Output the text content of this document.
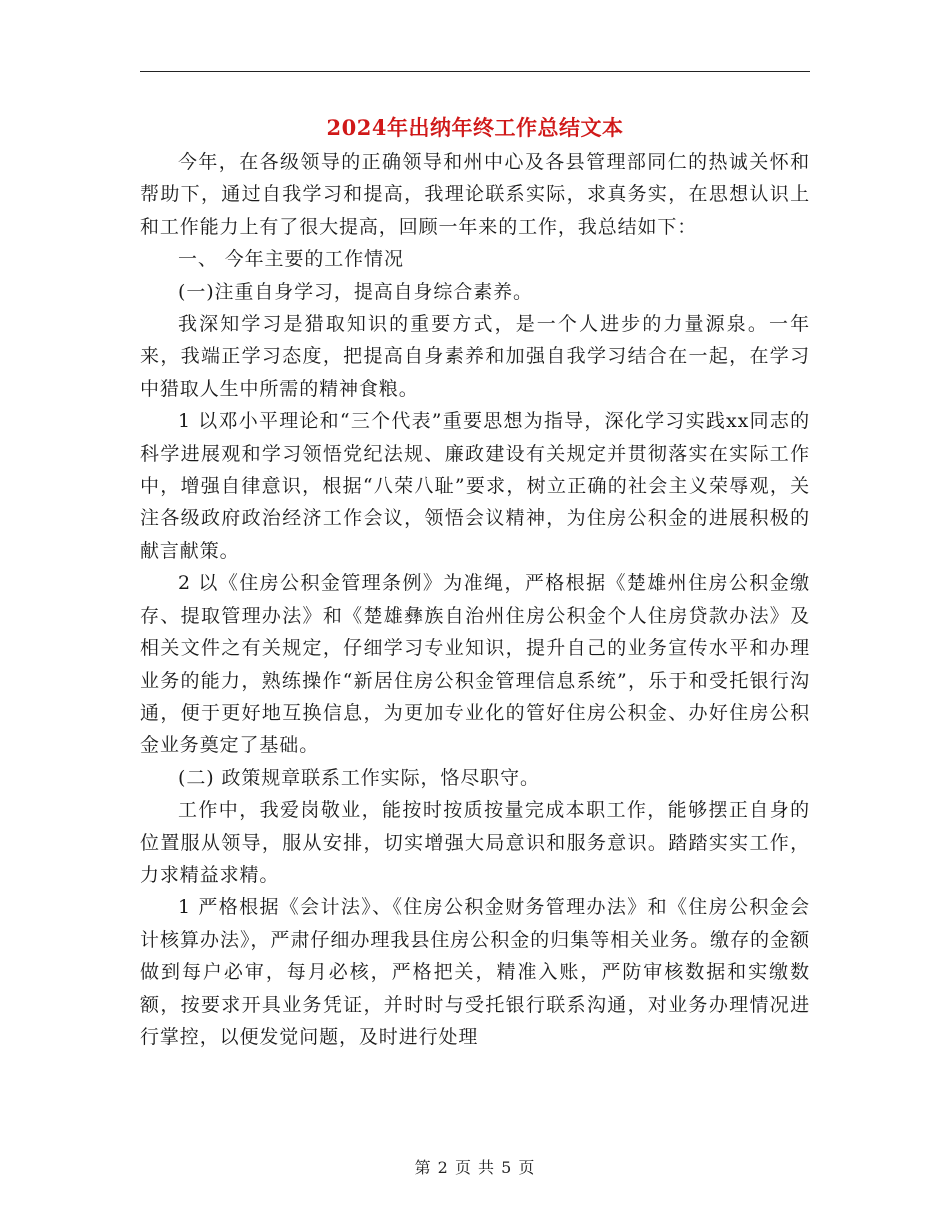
2024年出纳年终工作总结文本

今年，在各级领导的正确领导和州中心及各县管理部同仁的热诚关怀和帮助下，通过自我学习和提高，我理论联系实际，求真务实，在思想认识上和工作能力上有了很大提高，回顾一年来的工作，我总结如下：

一、 今年主要的工作情况

(一)注重自身学习，提高自身综合素养。

我深知学习是猎取知识的重要方式，是一个人进步的力量源泉。一年来，我端正学习态度，把提高自身素养和加强自我学习结合在一起，在学习中猎取人生中所需的精神食粮。

1 以邓小平理论和“三个代表”重要思想为指导，深化学习实践xx同志的科学进展观和学习领悟党纪法规、廉政建设有关规定并贯彻落实在实际工作中，增强自律意识，根据“八荣八耻”要求，树立正确的社会主义荣辱观，关注各级政府政治经济工作会议，领悟会议精神，为住房公积金的进展积极的献言献策。

2 以《住房公积金管理条例》为准绳，严格根据《楚雄州住房公积金缴存、提取管理办法》和《楚雄彝族自治州住房公积金个人住房贷款办法》及相关文件之有关规定，仔细学习专业知识，提升自己的业务宣传水平和办理业务的能力，熟练操作“新居住房公积金管理信息系统”，乐于和受托银行沟通，便于更好地互换信息，为更加专业化的管好住房公积金、办好住房公积金业务奠定了基础。

(二) 政策规章联系工作实际，恪尽职守。

工作中，我爱岗敬业，能按时按质按量完成本职工作，能够摆正自身的位置服从领导，服从安排，切实增强大局意识和服务意识。踏踏实实工作，力求精益求精。

1 严格根据《会计法》、《住房公积金财务管理办法》和《住房公积金会计核算办法》，严肃仔细办理我县住房公积金的归集等相关业务。缴存的金额做到每户必审，每月必核，严格把关，精准入账，严防审核数据和实缴数额，按要求开具业务凭证，并时时与受托银行联系沟通，对业务办理情况进行掌控，以便发觉问题，及时进行处理

第 2 页 共 5 页
